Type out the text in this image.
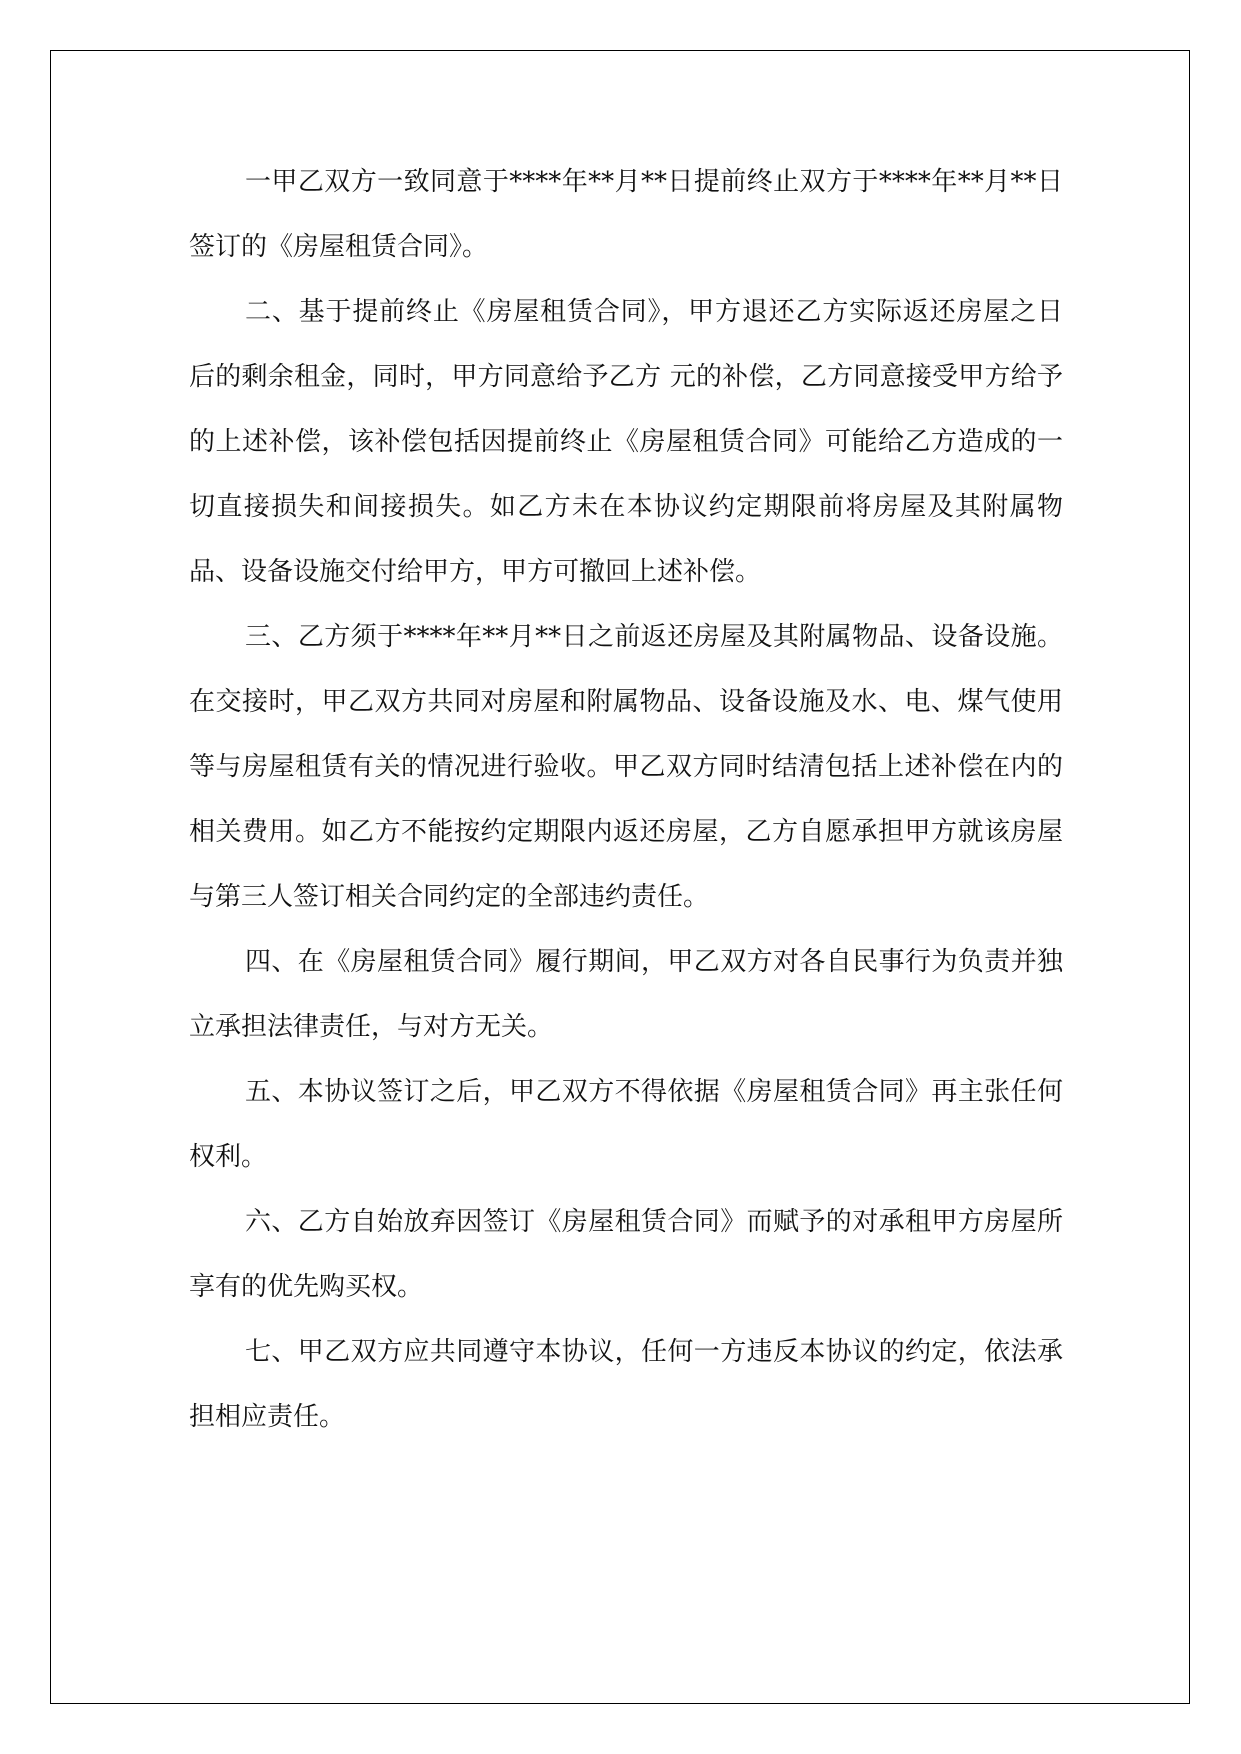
一甲乙双方一致同意于****年**月**日提前终止双方于****年**月**日签订的《房屋租赁合同》。

二、基于提前终止《房屋租赁合同》，甲方退还乙方实际返还房屋之日后的剩余租金，同时，甲方同意给予乙方 元的补偿，乙方同意接受甲方给予的上述补偿，该补偿包括因提前终止《房屋租赁合同》可能给乙方造成的一切直接损失和间接损失。如乙方未在本协议约定期限前将房屋及其附属物品、设备设施交付给甲方，甲方可撤回上述补偿。

三、乙方须于****年**月**日之前返还房屋及其附属物品、设备设施。在交接时，甲乙双方共同对房屋和附属物品、设备设施及水、电、煤气使用等与房屋租赁有关的情况进行验收。甲乙双方同时结清包括上述补偿在内的相关费用。如乙方不能按约定期限内返还房屋，乙方自愿承担甲方就该房屋与第三人签订相关合同约定的全部违约责任。

四、在《房屋租赁合同》履行期间，甲乙双方对各自民事行为负责并独立承担法律责任，与对方无关。

五、本协议签订之后，甲乙双方不得依据《房屋租赁合同》再主张任何权利。

六、乙方自始放弃因签订《房屋租赁合同》而赋予的对承租甲方房屋所享有的优先购买权。

七、甲乙双方应共同遵守本协议，任何一方违反本协议的约定，依法承担相应责任。
